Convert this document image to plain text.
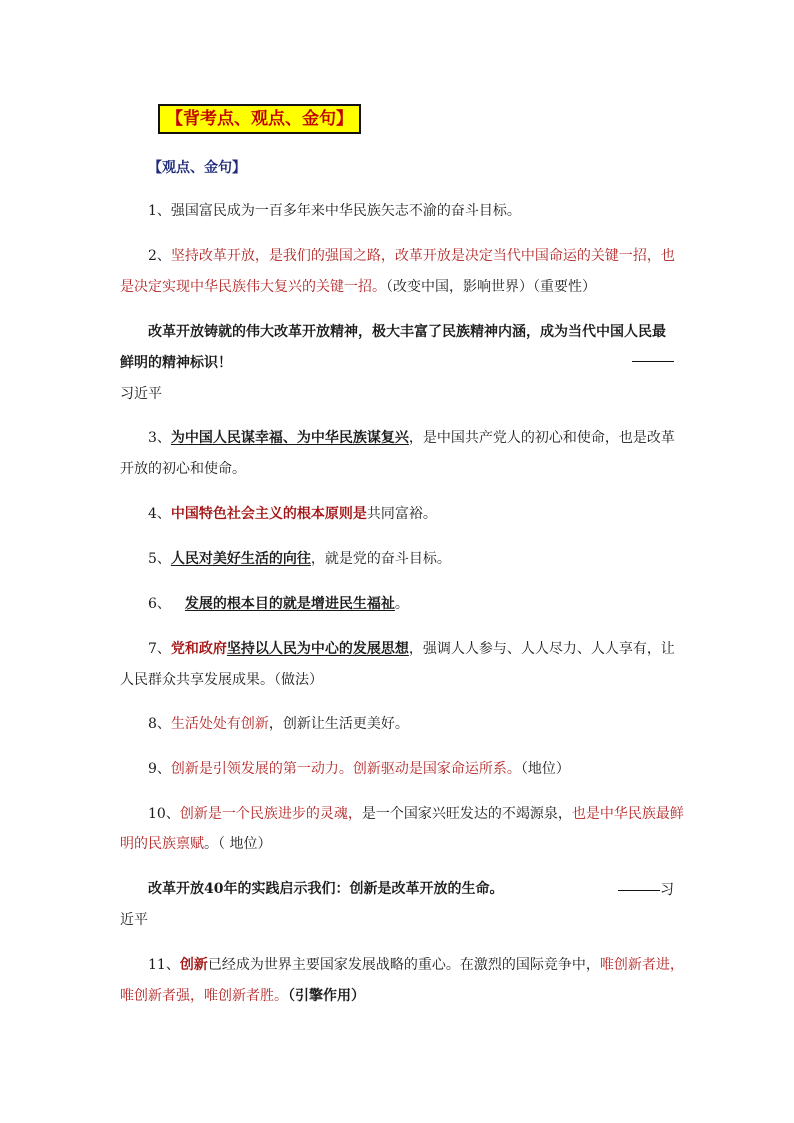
【背考点、观点、金句】
【观点、金句】
1、强国富民成为一百多年来中华民族矢志不渝的奋斗目标。
2、坚持改革开放，是我们的强国之路，改革开放是决定当代中国命运的关键一招，也
是决定实现中华民族伟大复兴的关键一招。（改变中国，影响世界）（重要性）
改革开放铸就的伟大改革开放精神，极大丰富了民族精神内涵，成为当代中国人民最
鲜明的精神标识！
习近平
3、为中国人民谋幸福、为中华民族谋复兴，是中国共产党人的初心和使命，也是改革
开放的初心和使命。
4、中国特色社会主义的根本原则是共同富裕。
5、人民对美好生活的向往，就是党的奋斗目标。
6、 发展的根本目的就是增进民生福祉。
7、党和政府坚持以人民为中心的发展思想，强调人人参与、人人尽力、人人享有，让
人民群众共享发展成果。（做法）
8、生活处处有创新，创新让生活更美好。
9、创新是引领发展的第一动力。创新驱动是国家命运所系。（地位）
10、创新是一个民族进步的灵魂，是一个国家兴旺发达的不竭源泉，也是中华民族最鲜
明的民族禀赋。（ 地位）
改革开放40年的实践启示我们：创新是改革开放的生命。	习
近平
11、创新已经成为世界主要国家发展战略的重心。在激烈的国际竞争中，唯创新者进，
唯创新者强，唯创新者胜。（引擎作用）
